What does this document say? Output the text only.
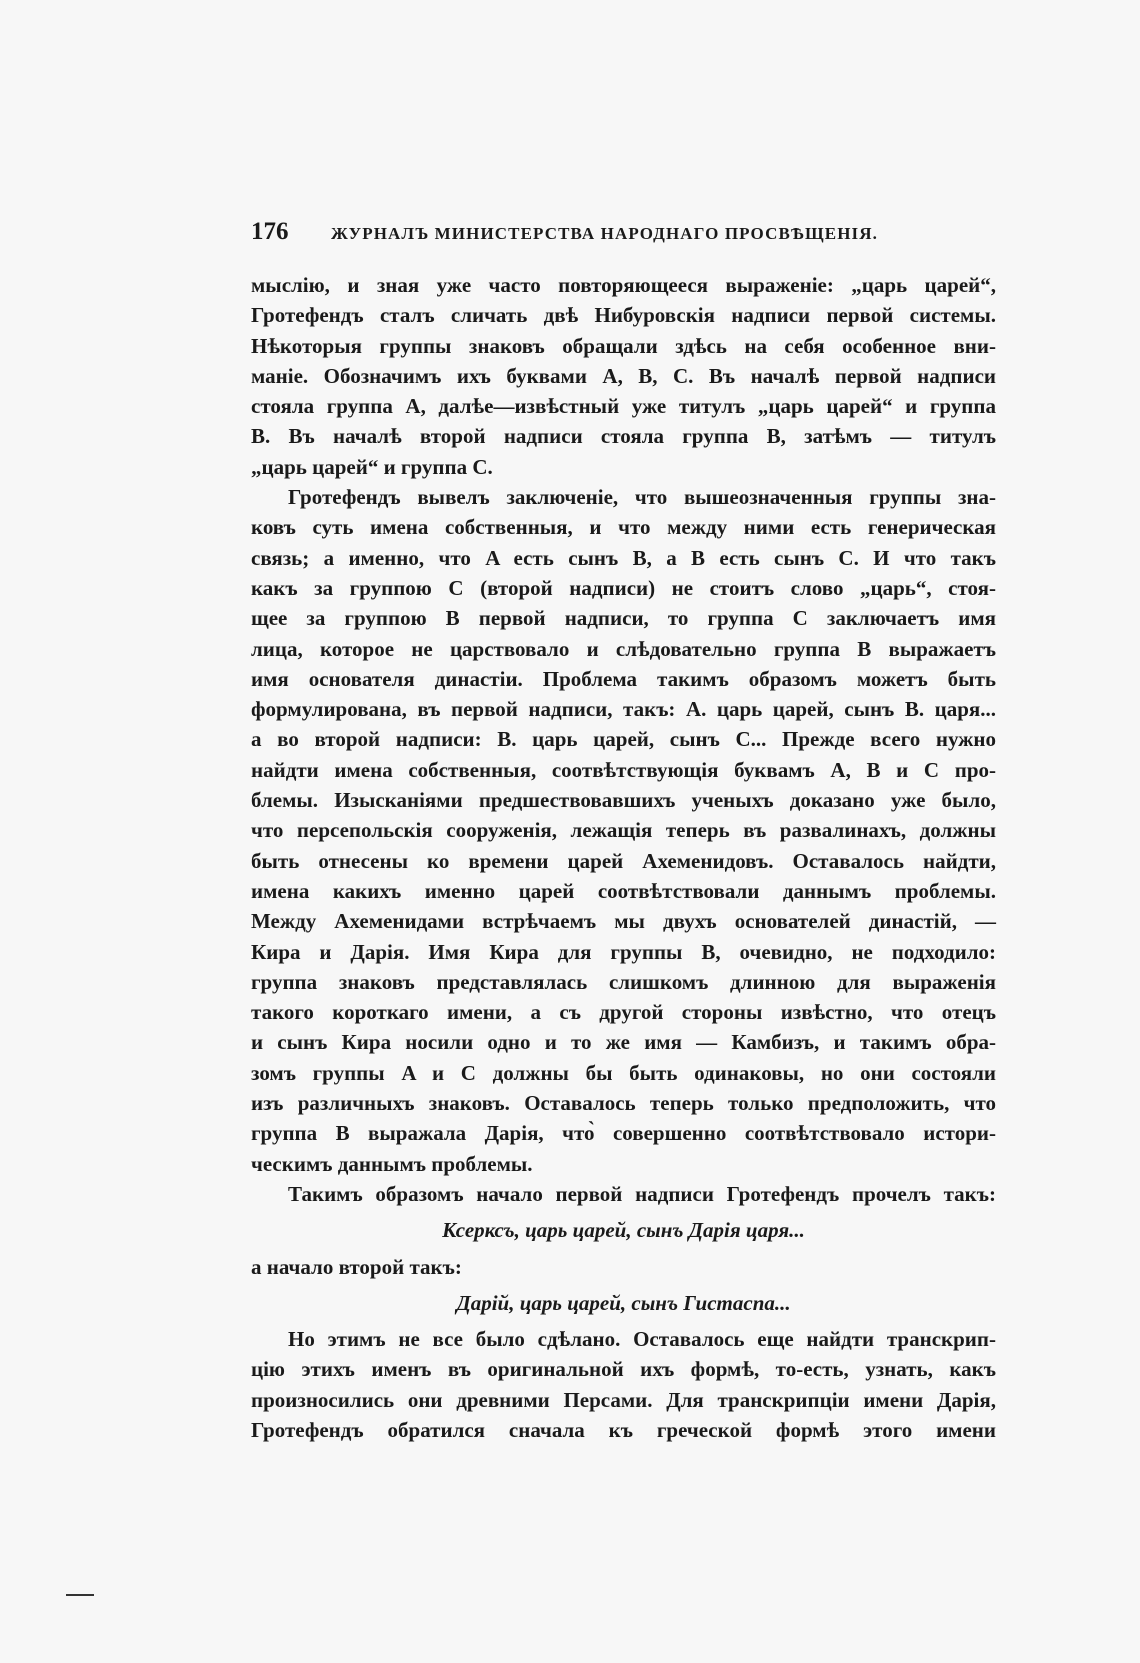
176	ЖУРНАЛЪ МИНИСТЕРСТВА НАРОДНАГО ПРОСВѢЩЕНІЯ.

мыслію, и зная уже часто повторяющееся выраженіе: „царь царей“,
Гротефендъ сталъ сличать двѣ Нибуровскія надписи первой системы.
Нѣкоторыя группы знаковъ обращали здѣсь на себя особенное вни-
маніе. Обозначимъ ихъ буквами A, B, C. Въ началѣ первой надписи
стояла группа A, далѣе—извѣстный уже титулъ „царь царей“ и группа
B. Въ началѣ второй надписи стояла группа B, затѣмъ — титулъ
„царь царей“ и группа C.

Гротефендъ вывелъ заключеніе, что вышеозначенныя группы зна-
ковъ суть имена собственныя, и что между ними есть генерическая
связь; а именно, что A есть сынъ B, а B есть сынъ C. И что такъ
какъ за группою C (второй надписи) не стоитъ слово „царь“, стоя-
щее за группою B первой надписи, то группа C заключаетъ имя
лица, которое не царствовало и слѣдовательно группа B выражаетъ
имя основателя династіи. Проблема такимъ образомъ можетъ быть
формулирована, въ первой надписи, такъ: A. царь царей, сынъ B. царя...
а во второй надписи: B. царь царей, сынъ C... Прежде всего нужно
найдти имена собственныя, соотвѣтствующія буквамъ A, B и C про-
блемы. Изысканіями предшествовавшихъ ученыхъ доказано уже было,
что персепольскія сооруженія, лежащія теперь въ развалинахъ, должны
быть отнесены ко времени царей Ахеменидовъ. Оставалось найдти,
имена какихъ именно царей соотвѣтствовали даннымъ проблемы.
Между Ахеменидами встрѣчаемъ мы двухъ основателей династій, —
Кира и Дарія. Имя Кира для группы B, очевидно, не подходило:
группа знаковъ представлялась слишкомъ длинною для выраженія
такого короткаго имени, а съ другой стороны извѣстно, что отецъ
и сынъ Кира носили одно и то же имя — Камбизъ, и такимъ обра-
зомъ группы A и C должны бы быть одинаковы, но они состояли
изъ различныхъ знаковъ. Оставалось теперь только предположить, что
группа B выражала Дарія, что̀ совершенно соотвѣтствовало истори-
ческимъ даннымъ проблемы.

Такимъ образомъ начало первой надписи Гротефендъ прочелъ такъ:
Ксерксъ, царь царей, сынъ Дарія царя...
а начало второй такъ:
Дарій, царь царей, сынъ Гистаспа...

Но этимъ не все было сдѣлано. Оставалось еще найдти транскрип-
цію этихъ именъ въ оригинальной ихъ формѣ, то-есть, узнать, какъ
произносились они древними Персами. Для транскрипціи имени Дарія,
Гротефендъ обратился сначала къ греческой формѣ этого имени
